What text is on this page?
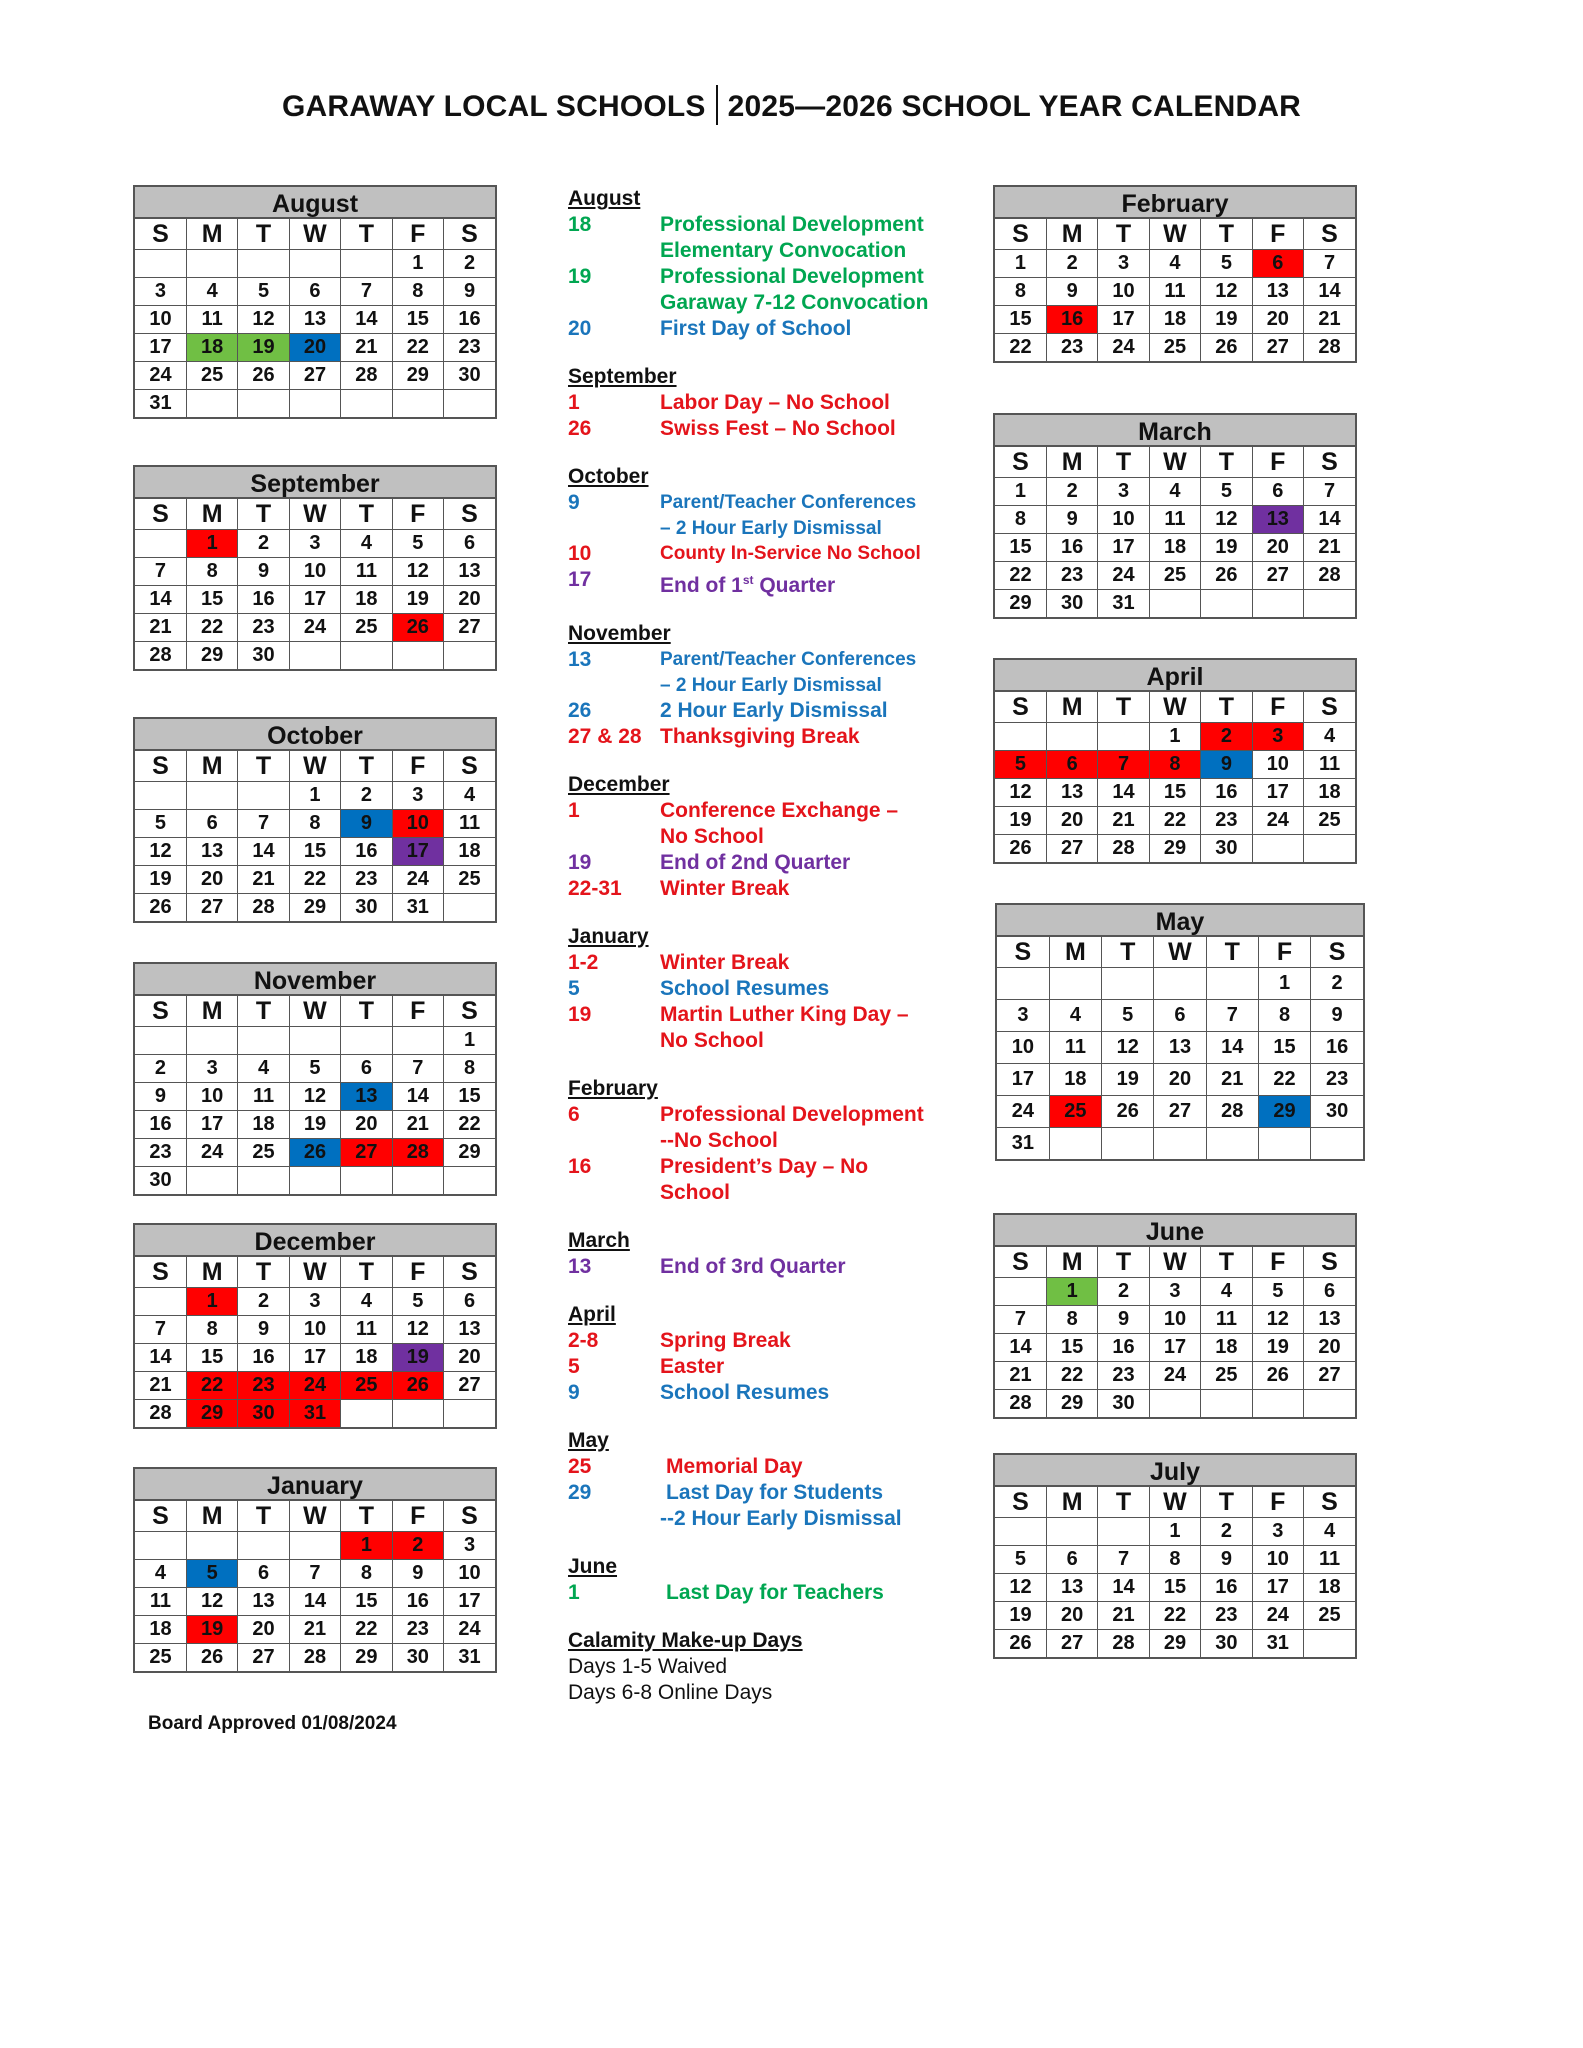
GARAWAY LOCAL SCHOOLS 2025—2026 SCHOOL YEAR CALENDAR
August
S	M	T	W	T	F	S
					1	2
3	4	5	6	7	8	9
10	11	12	13	14	15	16
17	18	19	20	21	22	23
24	25	26	27	28	29	30
31						
September
S	M	T	W	T	F	S
	1	2	3	4	5	6
7	8	9	10	11	12	13
14	15	16	17	18	19	20
21	22	23	24	25	26	27
28	29	30				
October
S	M	T	W	T	F	S
			1	2	3	4
5	6	7	8	9	10	11
12	13	14	15	16	17	18
19	20	21	22	23	24	25
26	27	28	29	30	31	
November
S	M	T	W	T	F	S
						1
2	3	4	5	6	7	8
9	10	11	12	13	14	15
16	17	18	19	20	21	22
23	24	25	26	27	28	29
30						
December
S	M	T	W	T	F	S
	1	2	3	4	5	6
7	8	9	10	11	12	13
14	15	16	17	18	19	20
21	22	23	24	25	26	27
28	29	30	31			
January
S	M	T	W	T	F	S
				1	2	3
4	5	6	7	8	9	10
11	12	13	14	15	16	17
18	19	20	21	22	23	24
25	26	27	28	29	30	31
February
S	M	T	W	T	F	S
1	2	3	4	5	6	7
8	9	10	11	12	13	14
15	16	17	18	19	20	21
22	23	24	25	26	27	28
March
S	M	T	W	T	F	S
1	2	3	4	5	6	7
8	9	10	11	12	13	14
15	16	17	18	19	20	21
22	23	24	25	26	27	28
29	30	31				
April
S	M	T	W	T	F	S
			1	2	3	4
5	6	7	8	9	10	11
12	13	14	15	16	17	18
19	20	21	22	23	24	25
26	27	28	29	30		
May
S	M	T	W	T	F	S
					1	2
3	4	5	6	7	8	9
10	11	12	13	14	15	16
17	18	19	20	21	22	23
24	25	26	27	28	29	30
31						
June
S	M	T	W	T	F	S
	1	2	3	4	5	6
7	8	9	10	11	12	13
14	15	16	17	18	19	20
21	22	23	24	25	26	27
28	29	30				
July
S	M	T	W	T	F	S
			1	2	3	4
5	6	7	8	9	10	11
12	13	14	15	16	17	18
19	20	21	22	23	24	25
26	27	28	29	30	31	
August
18	Professional Development
Elementary Convocation
19	Professional Development
Garaway 7-12 Convocation
20	First Day of School
September
1	Labor Day – No School
26	Swiss Fest – No School
October
9	Parent/Teacher Conferences
– 2 Hour Early Dismissal
10	County In-Service No School
17	End of 1st Quarter
November
13	Parent/Teacher Conferences
– 2 Hour Early Dismissal
26	2 Hour Early Dismissal
27 & 28 Thanksgiving Break
December
1	Conference Exchange –
No School
19	End of 2nd Quarter
22-31	Winter Break
January
1-2	Winter Break
5	School Resumes
19	Martin Luther King Day –
No School
February
6	Professional Development
--No School
16	President’s Day – No
School
March
13	End of 3rd Quarter
April
2-8	Spring Break
5	Easter
9	School Resumes
May
25	Memorial Day
29	Last Day for Students
--2 Hour Early Dismissal
June
1	Last Day for Teachers
Calamity Make-up Days
Days 1-5 Waived
Days 6-8 Online Days
Board Approved 01/08/2024
